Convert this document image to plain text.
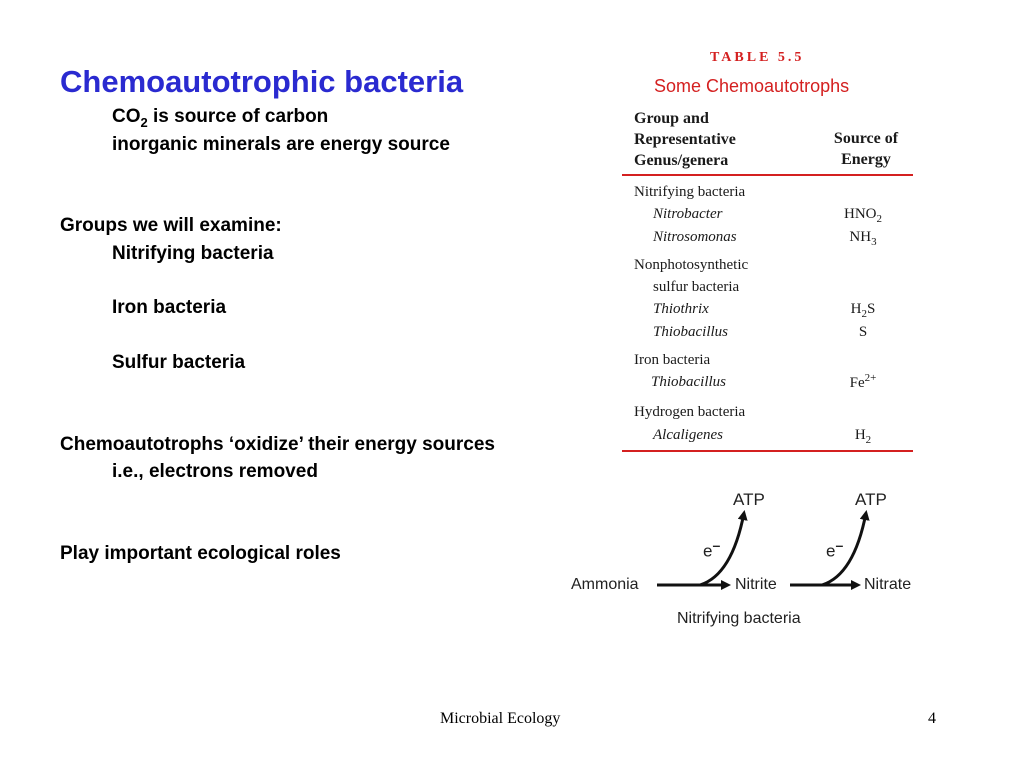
Chemoautotrophic bacteria
$CO_2$ is source of carbon
inorganic minerals are energy source
Groups we will examine:
Nitrifying bacteria
Iron bacteria
Sulfur bacteria
Chemoautotrophs ‘oxidize’ their energy sources
i.e., electrons removed
Play important ecological roles
TABLE 5.5
Some Chemoautotrophs
Group and
Representative
Genus/genera
Source of
Energy
Nitrifying bacteria
Nitrobacter	$HNO_2$
Nitrosomonas	$NH_3$
Nonphotosynthetic
sulfur bacteria
Thiothrix	$H_2S$
Thiobacillus	S
Iron bacteria
Thiobacillus	$Fe^{2+}$
Hydrogen bacteria
Alcaligenes	$H_2$
ATP	ATP
e–	e–
Ammonia	Nitrite	Nitrate
Nitrifying bacteria
Microbial Ecology	4
